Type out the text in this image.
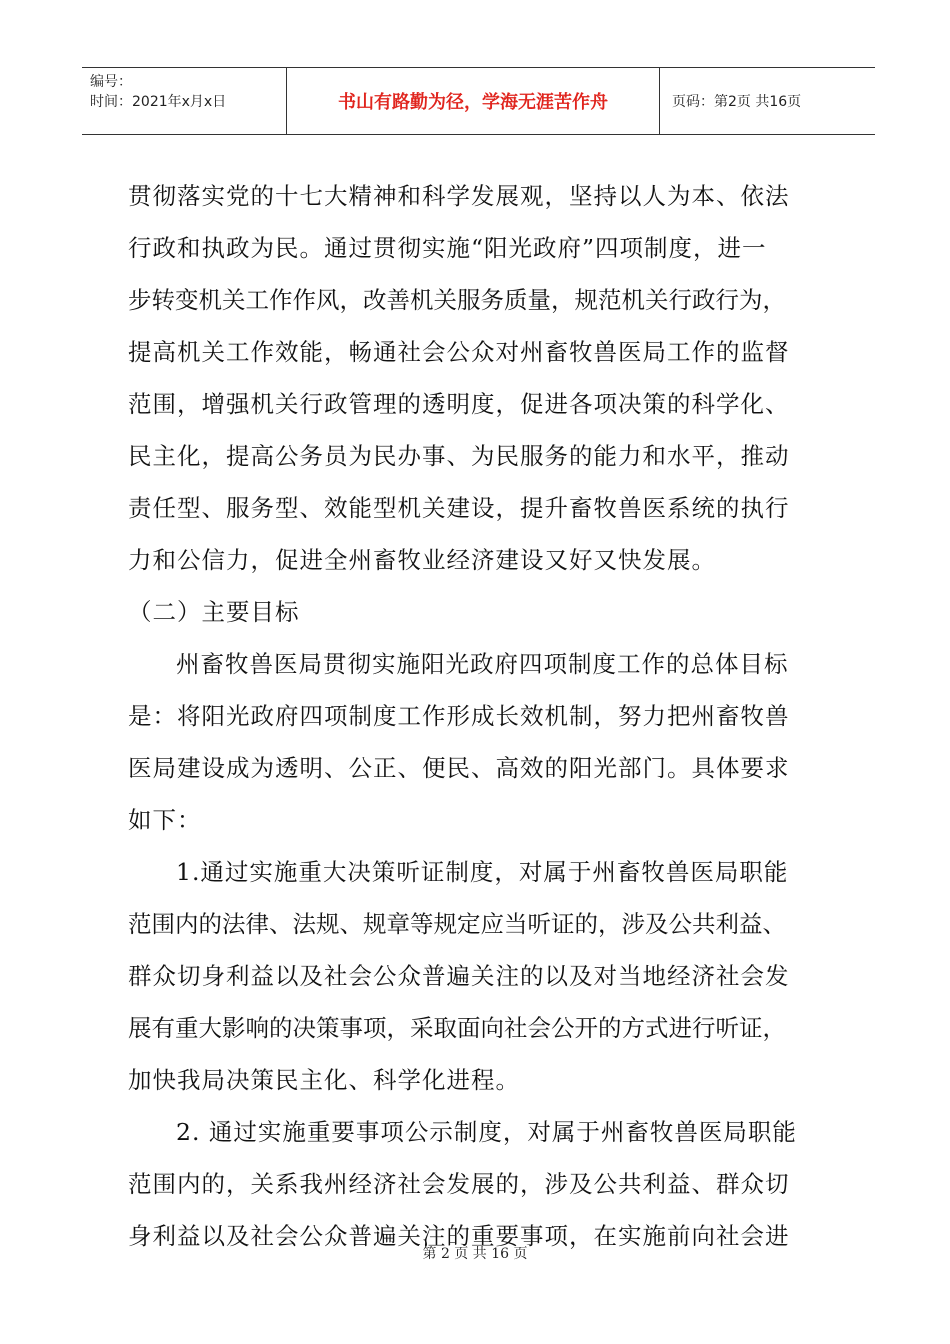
编号：
时间：2021年x月x日	书山有路勤为径，学海无涯苦作舟	页码：第2页 共16页
贯彻落实党的十七大精神和科学发展观，坚持以人为本、依法
行政和执政为民。通过贯彻实施“阳光政府”四项制度，进一
步转变机关工作作风，改善机关服务质量，规范机关行政行为，
提高机关工作效能，畅通社会公众对州畜牧兽医局工作的监督
范围，增强机关行政管理的透明度，促进各项决策的科学化、
民主化，提高公务员为民办事、为民服务的能力和水平，推动
责任型、服务型、效能型机关建设，提升畜牧兽医系统的执行
力和公信力，促进全州畜牧业经济建设又好又快发展。
（二）主要目标
州畜牧兽医局贯彻实施阳光政府四项制度工作的总体目标
是：将阳光政府四项制度工作形成长效机制，努力把州畜牧兽
医局建设成为透明、公正、便民、高效的阳光部门。具体要求
如下：
1.通过实施重大决策听证制度，对属于州畜牧兽医局职能
范围内的法律、法规、规章等规定应当听证的，涉及公共利益、
群众切身利益以及社会公众普遍关注的以及对当地经济社会发
展有重大影响的决策事项，采取面向社会公开的方式进行听证，
加快我局决策民主化、科学化进程。
2. 通过实施重要事项公示制度，对属于州畜牧兽医局职能
范围内的，关系我州经济社会发展的，涉及公共利益、群众切
身利益以及社会公众普遍关注的重要事项，在实施前向社会进
第 2 页 共 16 页
